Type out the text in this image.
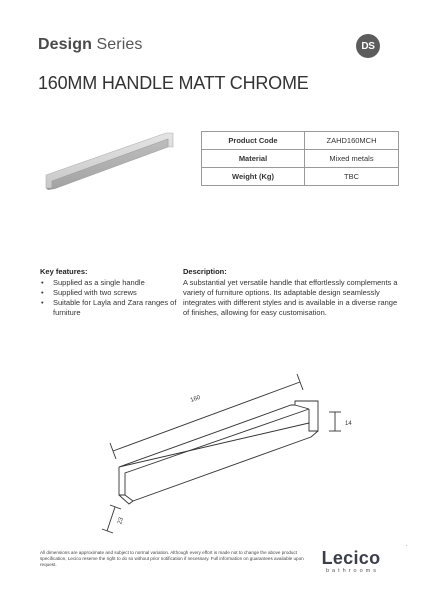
Design Series	DS
160MM HANDLE MATT CHROME
Product Code	ZAHD160MCH
Material	Mixed metals
Weight (Kg)	TBC
Key features:
• Supplied as a single handle
• Supplied with two screws
• Suitable for Layla and Zara ranges of furniture
Description:
A substantial yet versatile handle that effortlessly complements a variety of furniture options. Its adaptable design seamlessly integrates with different styles and is available in a diverse range of finishes, allowing for easy customisation.
160
14
23
All dimensions are approximate and subject to normal variation. Although every effort is made not to change the above product specification, Lecico reserve the right to do so without prior notification if necessary. Full information on guarantees available upon request.	Lecico
bathrooms
